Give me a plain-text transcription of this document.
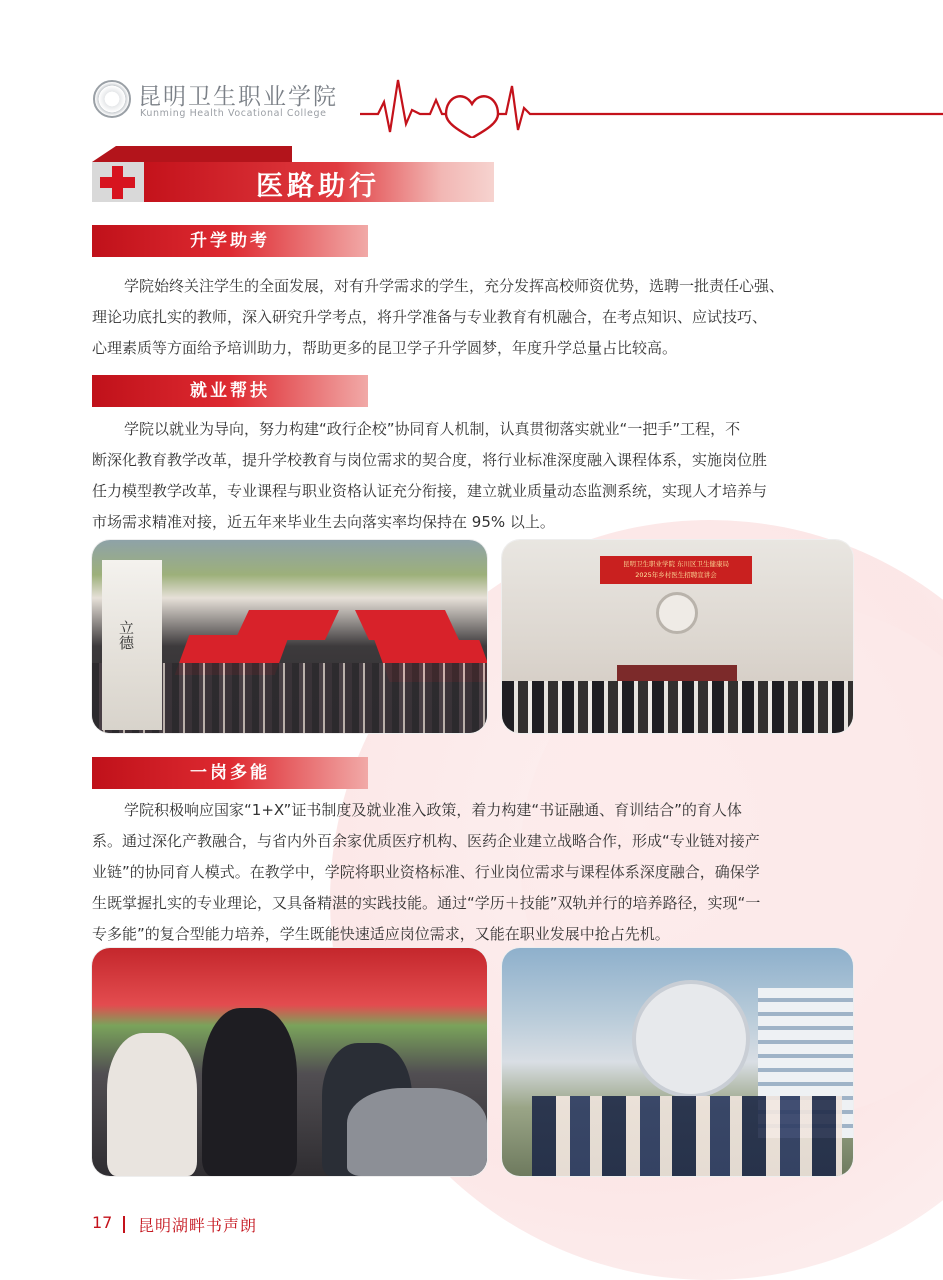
昆明卫生职业学院
Kunming Health Vocational College
医路助行
升学助考
学院始终关注学生的全面发展，对有升学需求的学生，充分发挥高校师资优势，选聘一批责任心强、
理论功底扎实的教师，深入研究升学考点，将升学准备与专业教育有机融合，在考点知识、应试技巧、
心理素质等方面给予培训助力，帮助更多的昆卫学子升学圆梦，年度升学总量占比较高。
就业帮扶
学院以就业为导向，努力构建“政行企校”协同育人机制，认真贯彻落实就业“一把手”工程，不
断深化教育教学改革，提升学校教育与岗位需求的契合度，将行业标准深度融入课程体系，实施岗位胜
任力模型教学改革，专业课程与职业资格认证充分衔接，建立就业质量动态监测系统，实现人才培养与
市场需求精准对接，近五年来毕业生去向落实率均保持在 95% 以上。
立德
昆明卫生职业学院 东川区卫生健康局
2025年乡村医生招聘宣讲会
一岗多能
学院积极响应国家“1+X”证书制度及就业准入政策，着力构建“书证融通、育训结合”的育人体
系。通过深化产教融合，与省内外百余家优质医疗机构、医药企业建立战略合作，形成“专业链对接产
业链”的协同育人模式。在教学中，学院将职业资格标准、行业岗位需求与课程体系深度融合，确保学
生既掌握扎实的专业理论，又具备精湛的实践技能。通过“学历＋技能”双轨并行的培养路径，实现“一
专多能”的复合型能力培养，学生既能快速适应岗位需求，又能在职业发展中抢占先机。
17 昆明湖畔书声朗
